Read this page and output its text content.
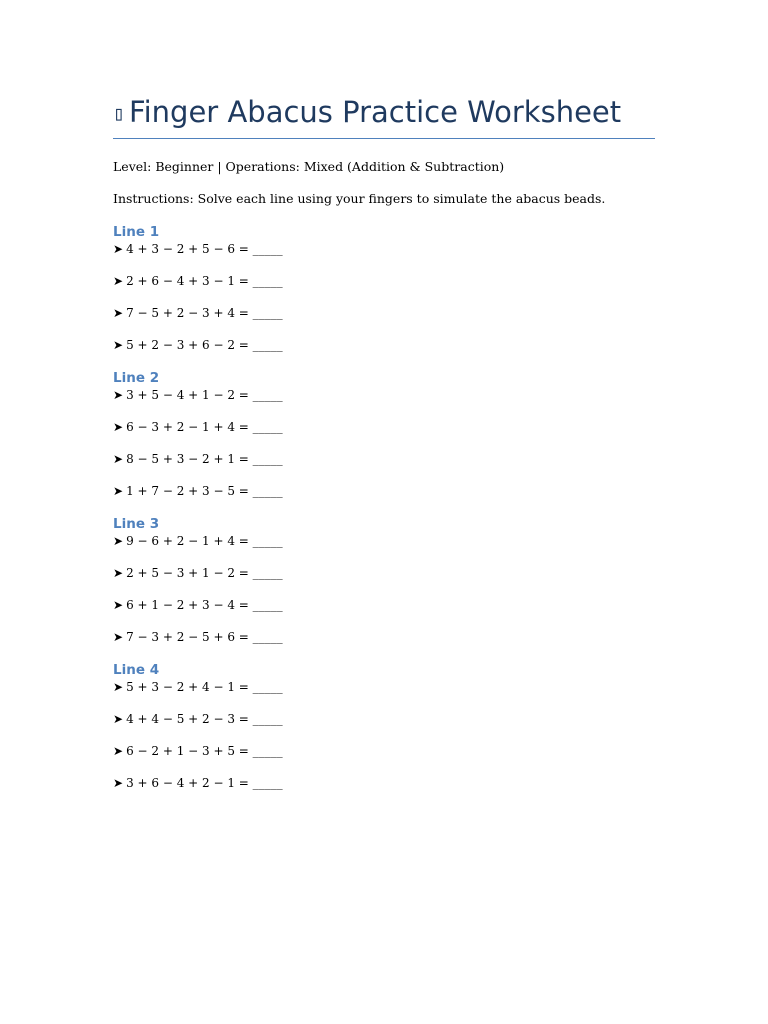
▯ Finger Abacus Practice Worksheet
Level: Beginner | Operations: Mixed (Addition & Subtraction)
Instructions: Solve each line using your fingers to simulate the abacus beads.
Line 1
➤ 4 + 3 − 2 + 5 − 6 = _____
➤ 2 + 6 − 4 + 3 − 1 = _____
➤ 7 − 5 + 2 − 3 + 4 = _____
➤ 5 + 2 − 3 + 6 − 2 = _____
Line 2
➤ 3 + 5 − 4 + 1 − 2 = _____
➤ 6 − 3 + 2 − 1 + 4 = _____
➤ 8 − 5 + 3 − 2 + 1 = _____
➤ 1 + 7 − 2 + 3 − 5 = _____
Line 3
➤ 9 − 6 + 2 − 1 + 4 = _____
➤ 2 + 5 − 3 + 1 − 2 = _____
➤ 6 + 1 − 2 + 3 − 4 = _____
➤ 7 − 3 + 2 − 5 + 6 = _____
Line 4
➤ 5 + 3 − 2 + 4 − 1 = _____
➤ 4 + 4 − 5 + 2 − 3 = _____
➤ 6 − 2 + 1 − 3 + 5 = _____
➤ 3 + 6 − 4 + 2 − 1 = _____
